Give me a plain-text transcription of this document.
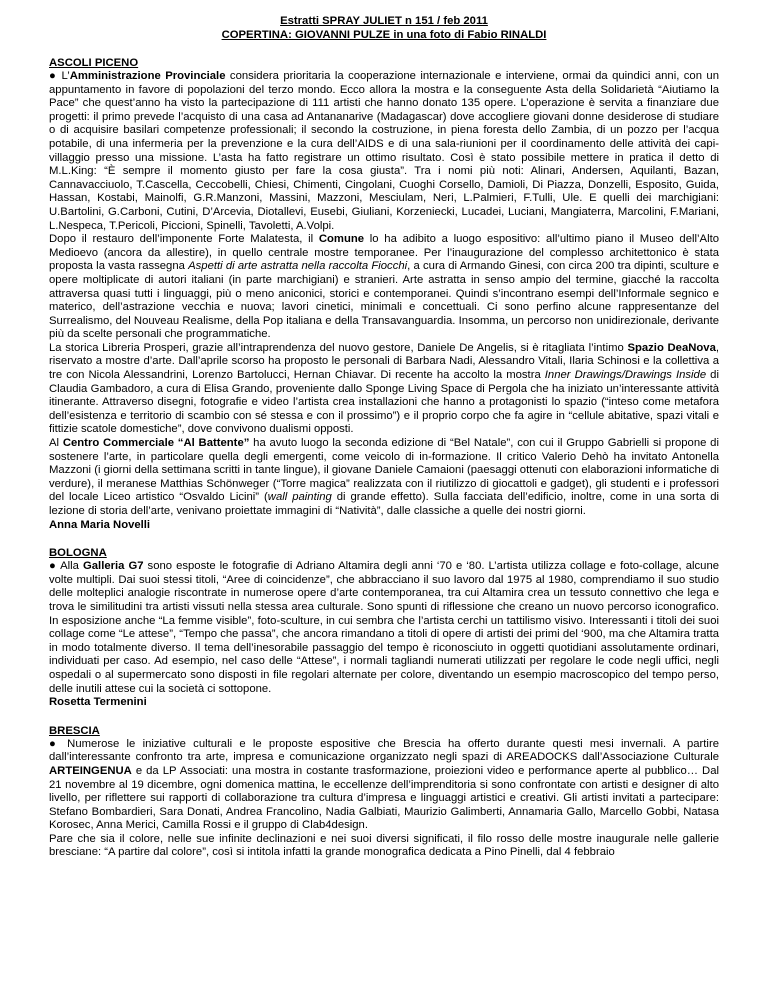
Estratti SPRAY JULIET n 151 / feb 2011
COPERTINA: GIOVANNI PULZE in una foto di Fabio RINALDI
ASCOLI PICENO

● L’Amministrazione Provinciale considera prioritaria la cooperazione internazionale e interviene, ormai da quindici anni, con un appuntamento in favore di popolazioni del terzo mondo. Ecco allora la mostra e la conseguente Asta della Solidarietà “Aiutiamo la Pace” che quest’anno ha visto la partecipazione di 111 artisti che hanno donato 135 opere. L’operazione è servita a finanziare due progetti: il primo prevede l’acquisto di una casa ad Antananarive (Madagascar) dove accogliere giovani donne desiderose di studiare o di acquisire basilari competenze professionali; il secondo la costruzione, in piena foresta dello Zambia, di un pozzo per l’acqua potabile, di una infermeria per la prevenzione e la cura dell’AIDS e di una sala-riunioni per il coordinamento delle attività dei capi-villaggio presso una missione. L’asta ha fatto registrare un ottimo risultato. Così è stato possibile mettere in pratica il detto di M.L.King: “È sempre il momento giusto per fare la cosa giusta”. Tra i nomi più noti: Alinari, Andersen, Aquilanti, Bazan, Cannavacciuolo, T.Cascella, Ceccobelli, Chiesi, Chimenti, Cingolani, Cuoghi Corsello, Damioli, Di Piazza, Donzelli, Esposito, Guida, Hassan, Kostabi, Mainolfi, G.R.Manzoni, Massini, Mazzoni, Mesciulam, Neri, L.Palmieri, F.Tulli, Ule. E quelli dei marchigiani: U.Bartolini, G.Carboni, Cutini, D’Arcevia, Diotallevi, Eusebi, Giuliani, Korzeniecki, Lucadei, Luciani, Mangiaterra, Marcolini, F.Mariani, L.Nespeca, T.Pericoli, Piccioni, Spinelli, Tavoletti, A.Volpi.

Dopo il restauro dell’imponente Forte Malatesta, il Comune lo ha adibito a luogo espositivo: all’ultimo piano il Museo dell’Alto Medioevo (ancora da allestire), in quello centrale mostre temporanee. Per l’inaugurazione del complesso architettonico è stata proposta la vasta rassegna Aspetti di arte astratta nella raccolta Fiocchi, a cura di Armando Ginesi, con circa 200 tra dipinti, sculture e opere moltiplicate di autori italiani (in parte marchigiani) e stranieri. Arte astratta in senso ampio del termine, giacché la raccolta attraversa quasi tutti i linguaggi, più o meno aniconici, storici e contemporanei. Quindi s’incontrano esempi dell’Informale segnico e materico, dell’astrazione vecchia e nuova; lavori cinetici, minimali e concettuali. Ci sono perfino alcune rappresentanze del Surrealismo, del Nouveau Realisme, della Pop italiana e della Transavanguardia. Insomma, un percorso non unidirezionale, derivante più da scelte personali che programmatiche.

La storica Libreria Prosperi, grazie all’intraprendenza del nuovo gestore, Daniele De Angelis, si è ritagliata l’intimo Spazio DeaNova, riservato a mostre d’arte. Dall’aprile scorso ha proposto le personali di Barbara Nadi, Alessandro Vitali, Ilaria Schinosi e la collettiva a tre con Nicola Alessandrini, Lorenzo Bartolucci, Hernan Chiavar. Di recente ha accolto la mostra Inner Drawings/Drawings Inside di Claudia Gambadoro, a cura di Elisa Grando, proveniente dallo Sponge Living Space di Pergola che ha iniziato un’interessante attività itinerante. Attraverso disegni, fotografie e video l’artista crea installazioni che hanno a protagonisti lo spazio (“inteso come metafora dell’esistenza e territorio di scambio con sé stessa e con il prossimo”) e il proprio corpo che fa agire in “cellule abitative, spazi vitali e fittizie scatole domestiche”, dove convivono dualismi opposti.

Al Centro Commerciale “Al Battente” ha avuto luogo la seconda edizione di “Bel Natale”, con cui il Gruppo Gabrielli si propone di sostenere l’arte, in particolare quella degli emergenti, come veicolo di in-formazione. Il critico Valerio Dehò ha invitato Antonella Mazzoni (i giorni della settimana scritti in tante lingue), il giovane Daniele Camaioni (paesaggi ottenuti con elaborazioni informatiche di verdure), il meranese Matthias Schönweger (“Torre magica” realizzata con il riutilizzo di giocattoli e gadget), gli studenti e i professori del locale Liceo artistico “Osvaldo Licini” (wall painting di grande effetto). Sulla facciata dell’edificio, inoltre, come in una sorta di lezione di storia dell’arte, venivano proiettate immagini di “Natività”, dalle classiche a quelle dei nostri giorni.

Anna Maria Novelli
BOLOGNA

● Alla Galleria G7 sono esposte le fotografie di Adriano Altamira degli anni ‘70 e ‘80. L’artista utilizza collage e foto-collage, alcune volte multipli. Dai suoi stessi titoli, “Aree di coincidenze”, che abbracciano il suo lavoro dal 1975 al 1980, comprendiamo il suo studio delle molteplici analogie riscontrate in numerose opere d’arte contemporanea, tra cui Altamira crea un tessuto connettivo che lega e trova le similitudini tra artisti vissuti nella stessa area culturale. Sono spunti di riflessione che creano un nuovo percorso iconografico. In esposizione anche “La femme visible”, foto-sculture, in cui sembra che l’artista cerchi un tattilismo visivo. Interessanti i titoli dei suoi collage come “Le attese”, “Tempo che passa”, che ancora rimandano a titoli di opere di artisti dei primi del ‘900, ma che Altamira tratta in modo totalmente diverso. Il tema dell’inesorabile passaggio del tempo è riconosciuto in oggetti quotidiani assolutamente ordinari, individuati per caso. Ad esempio, nel caso delle “Attese”, i normali tagliandi numerati utilizzati per regolare le code negli uffici, negli ospedali o al supermercato sono disposti in file regolari alternate per colore, diventando un esempio macroscopico del tempo perso, delle inutili attese cui la società ci sottopone.

Rosetta Termenini
BRESCIA

● Numerose le iniziative culturali e le proposte espositive che Brescia ha offerto durante questi mesi invernali. A partire dall’interessante confronto tra arte, impresa e comunicazione organizzato negli spazi di AREADOCKS dall’Associazione Culturale ARTEINGENUA e da LP Associati: una mostra in costante trasformazione, proiezioni video e performance aperte al pubblico… Dal 21 novembre al 19 dicembre, ogni domenica mattina, le eccellenze dell’imprenditoria si sono confrontate con artisti e designer di alto livello, per riflettere sui rapporti di collaborazione tra cultura d’impresa e linguaggi artistici e creativi. Gli artisti invitati a partecipare: Stefano Bombardieri, Sara Donati, Andrea Francolino, Nadia Galbiati, Maurizio Galimberti, Annamaria Gallo, Marcello Gobbi, Natasa Korosec, Anna Merici, Camilla Rossi e il gruppo di Clab4design.

Pare che sia il colore, nelle sue infinite declinazioni e nei suoi diversi significati, il filo rosso delle mostre inaugurale nelle gallerie bresciane: “A partire dal colore”, così si intitola infatti la grande monografica dedicata a Pino Pinelli, dal 4 febbraio
